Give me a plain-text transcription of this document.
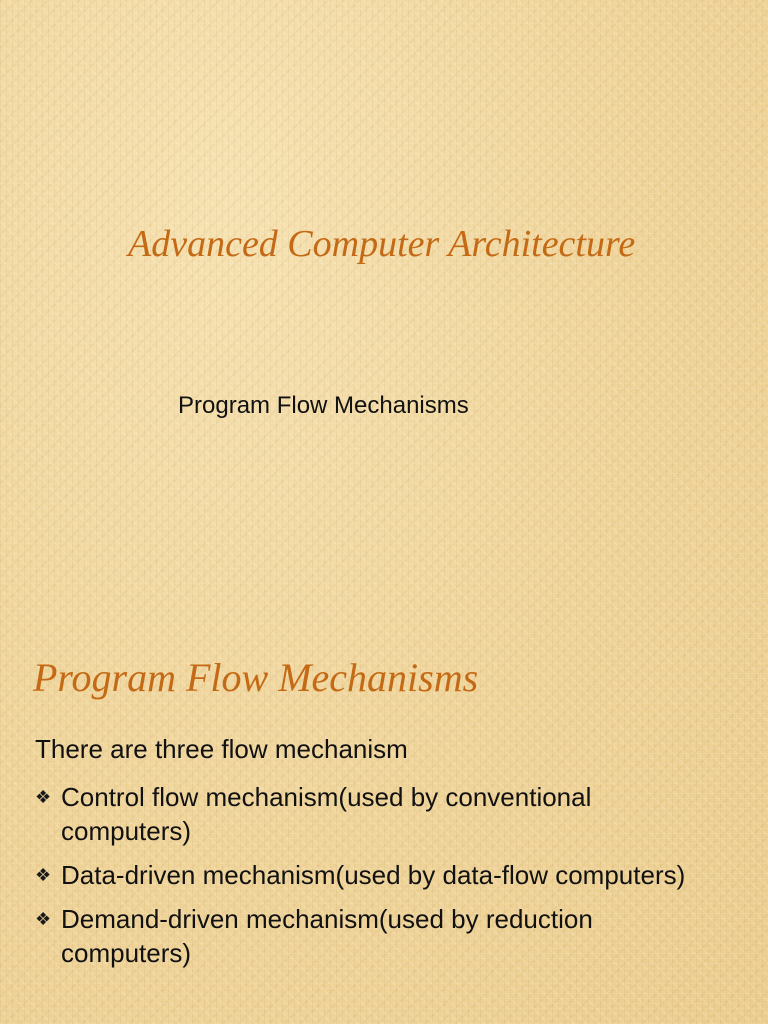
Advanced Computer Architecture

Program Flow Mechanisms

Program Flow Mechanisms

There are three flow mechanism

❖ Control flow mechanism(used by conventional computers)
❖ Data-driven mechanism(used by data-flow computers)
❖ Demand-driven mechanism(used by reduction computers)
